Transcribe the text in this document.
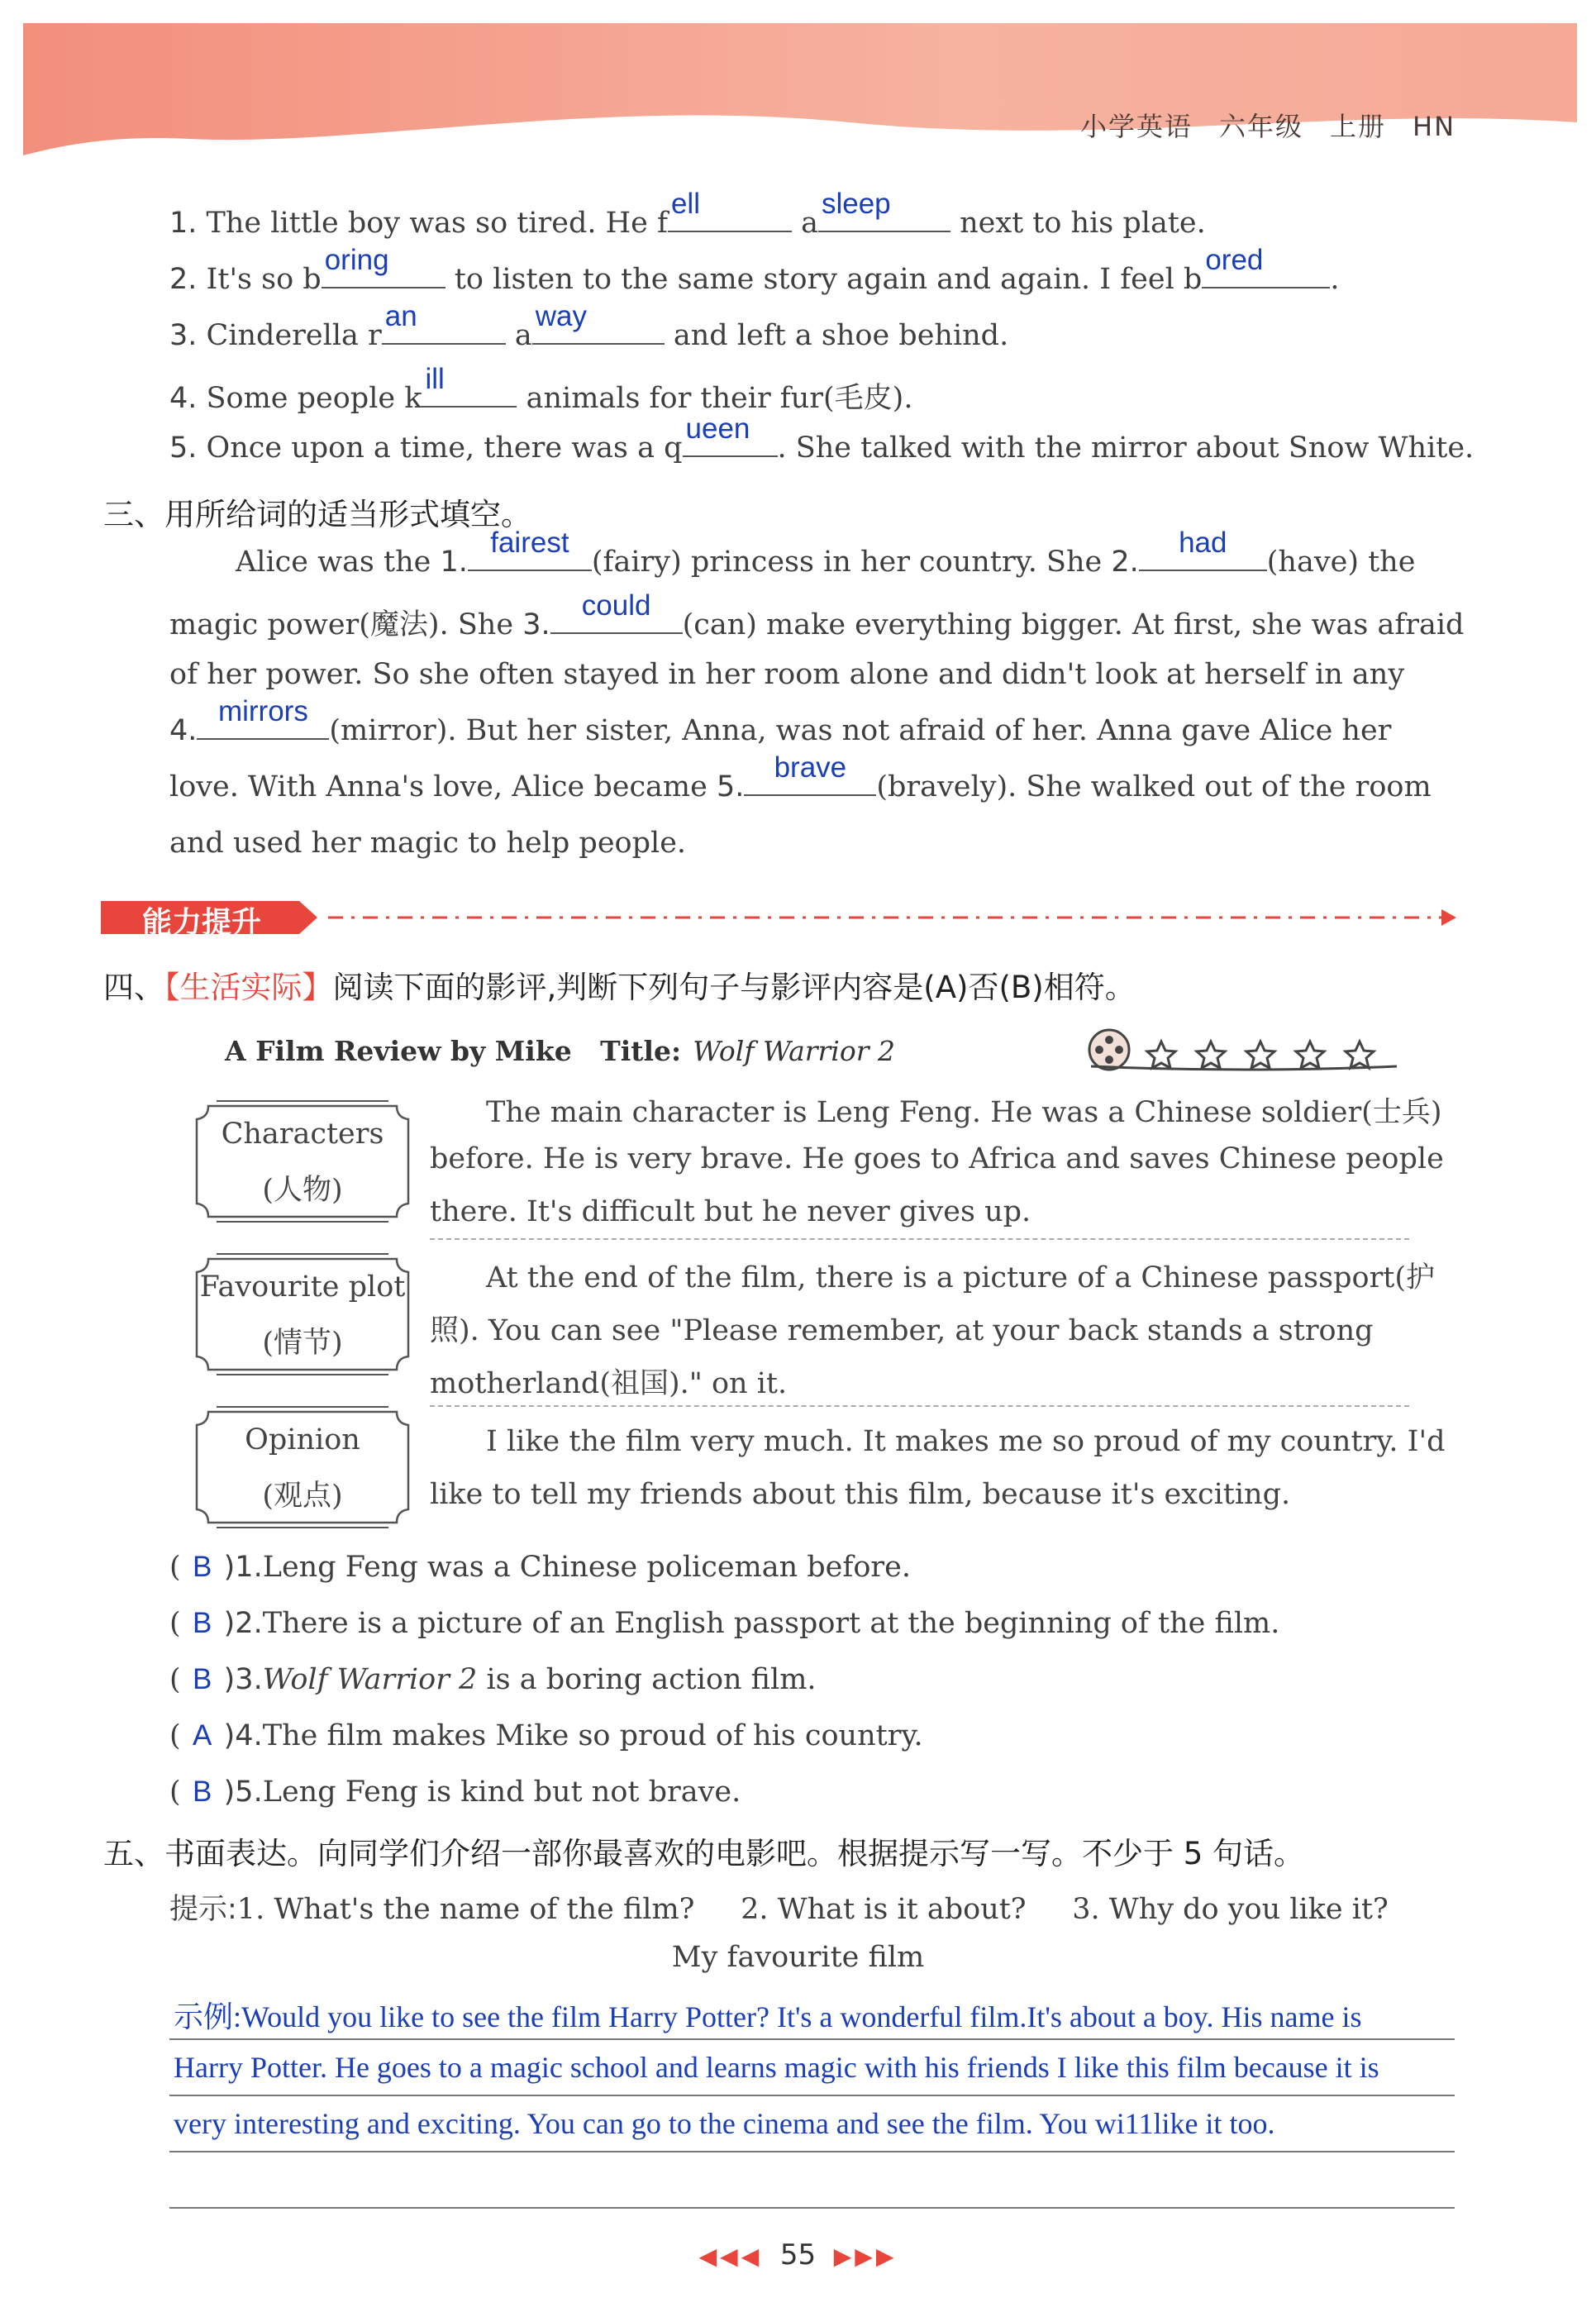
小学英语 六年级 上册 HN
1. The little boy was so tired. He f
ell
a
sleep
next to his plate.
2. It's so b
oring
to listen to the same story again and again. I feel b
ored
.
3. Cinderella r
an
a
way
and left a shoe behind.
4. Some people k
ill
animals for their fur(毛皮).
5. Once upon a time, there was a q
ueen
. She talked with the mirror about Snow White.
三、用所给词的适当形式填空。
Alice was the 1.
fairest
(fairy) princess in her country. She 2.
had
(have) the
magic power(魔法). She 3.
could
(can) make everything bigger. At first, she was afraid
of her power. So she often stayed in her room alone and didn't look at herself in any
4.
mirrors
(mirror). But her sister, Anna, was not afraid of her. Anna gave Alice her
love. With Anna's love, Alice became 5.
brave
(bravely). She walked out of the room
and used her magic to help people.
能力提升
四、【生活实际】阅读下面的影评,判断下列句子与影评内容是(A)否(B)相符。
A Film Review by Mike Title: Wolf Warrior 2
Characters
(人物)
Favourite plot
(情节)
Opinion
(观点)
The main character is Leng Feng. He was a Chinese soldier(士兵)
before. He is very brave. He goes to Africa and saves Chinese people
there. It's difficult but he never gives up.
At the end of the film, there is a picture of a Chinese passport(护
照). You can see "Please remember, at your back stands a strong
motherland(祖国)." on it.
I like the film very much. It makes me so proud of my country. I'd
like to tell my friends about this film, because it's exciting.
( B )1.Leng Feng was a Chinese policeman before.
( B )2.There is a picture of an English passport at the beginning of the film.
( B )3.Wolf Warrior 2 is a boring action film.
( A )4.The film makes Mike so proud of his country.
( B )5.Leng Feng is kind but not brave.
五、书面表达。向同学们介绍一部你最喜欢的电影吧。根据提示写一写。不少于 5 句话。
提示:1. What's the name of the film? 2. What is it about? 3. Why do you like it?
My favourite film
示例:Would you like to see the film Harry Potter? It's a wonderful film.It's about a boy. His name is
Harry Potter. He goes to a magic school and learns magic with his friends I like this film because it is
very interesting and exciting. You can go to the cinema and see the film. You wi11like it too.
◀◀◀ 55 ▶▶▶
